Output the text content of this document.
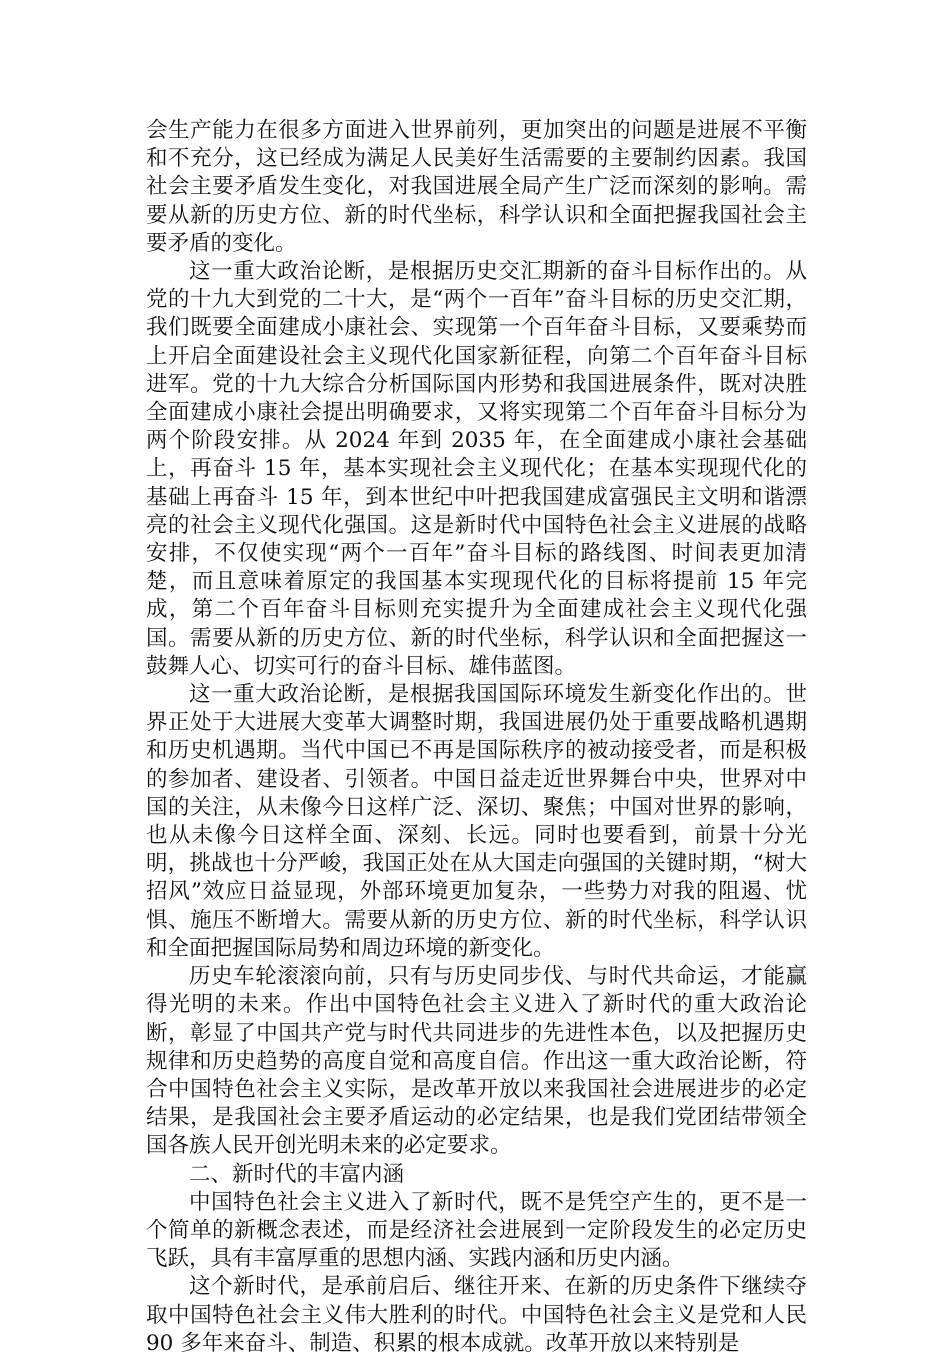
会生产能力在很多方面进入世界前列，更加突出的问题是进展不平衡和不充分，这已经成为满足人民美好生活需要的主要制约因素。我国社会主要矛盾发生变化，对我国进展全局产生广泛而深刻的影响。需要从新的历史方位、新的时代坐标，科学认识和全面把握我国社会主要矛盾的变化。

这一重大政治论断，是根据历史交汇期新的奋斗目标作出的。从党的十九大到党的二十大，是“两个一百年”奋斗目标的历史交汇期，我们既要全面建成小康社会、实现第一个百年奋斗目标，又要乘势而上开启全面建设社会主义现代化国家新征程，向第二个百年奋斗目标进军。党的十九大综合分析国际国内形势和我国进展条件，既对决胜全面建成小康社会提出明确要求，又将实现第二个百年奋斗目标分为两个阶段安排。从 2024 年到 2035 年，在全面建成小康社会基础上，再奋斗 15 年，基本实现社会主义现代化；在基本实现现代化的基础上再奋斗 15 年，到本世纪中叶把我国建成富强民主文明和谐漂亮的社会主义现代化强国。这是新时代中国特色社会主义进展的战略安排，不仅使实现“两个一百年”奋斗目标的路线图、时间表更加清楚，而且意味着原定的我国基本实现现代化的目标将提前 15 年完成，第二个百年奋斗目标则充实提升为全面建成社会主义现代化强国。需要从新的历史方位、新的时代坐标，科学认识和全面把握这一鼓舞人心、切实可行的奋斗目标、雄伟蓝图。

这一重大政治论断，是根据我国国际环境发生新变化作出的。世界正处于大进展大变革大调整时期，我国进展仍处于重要战略机遇期和历史机遇期。当代中国已不再是国际秩序的被动接受者，而是积极的参加者、建设者、引领者。中国日益走近世界舞台中央，世界对中国的关注，从未像今日这样广泛、深切、聚焦；中国对世界的影响，也从未像今日这样全面、深刻、长远。同时也要看到，前景十分光明，挑战也十分严峻，我国正处在从大国走向强国的关键时期，“树大招风”效应日益显现，外部环境更加复杂，一些势力对我的阻遏、忧惧、施压不断增大。需要从新的历史方位、新的时代坐标，科学认识和全面把握国际局势和周边环境的新变化。

历史车轮滚滚向前，只有与历史同步伐、与时代共命运，才能赢得光明的未来。作出中国特色社会主义进入了新时代的重大政治论断，彰显了中国共产党与时代共同进步的先进性本色，以及把握历史规律和历史趋势的高度自觉和高度自信。作出这一重大政治论断，符合中国特色社会主义实际，是改革开放以来我国社会进展进步的必定结果，是我国社会主要矛盾运动的必定结果，也是我们党团结带领全国各族人民开创光明未来的必定要求。

二、新时代的丰富内涵

中国特色社会主义进入了新时代，既不是凭空产生的，更不是一个简单的新概念表述，而是经济社会进展到一定阶段发生的必定历史飞跃，具有丰富厚重的思想内涵、实践内涵和历史内涵。

这个新时代，是承前启后、继往开来、在新的历史条件下继续夺取中国特色社会主义伟大胜利的时代。中国特色社会主义是党和人民 90 多年来奋斗、制造、积累的根本成就。改革开放以来特别是
